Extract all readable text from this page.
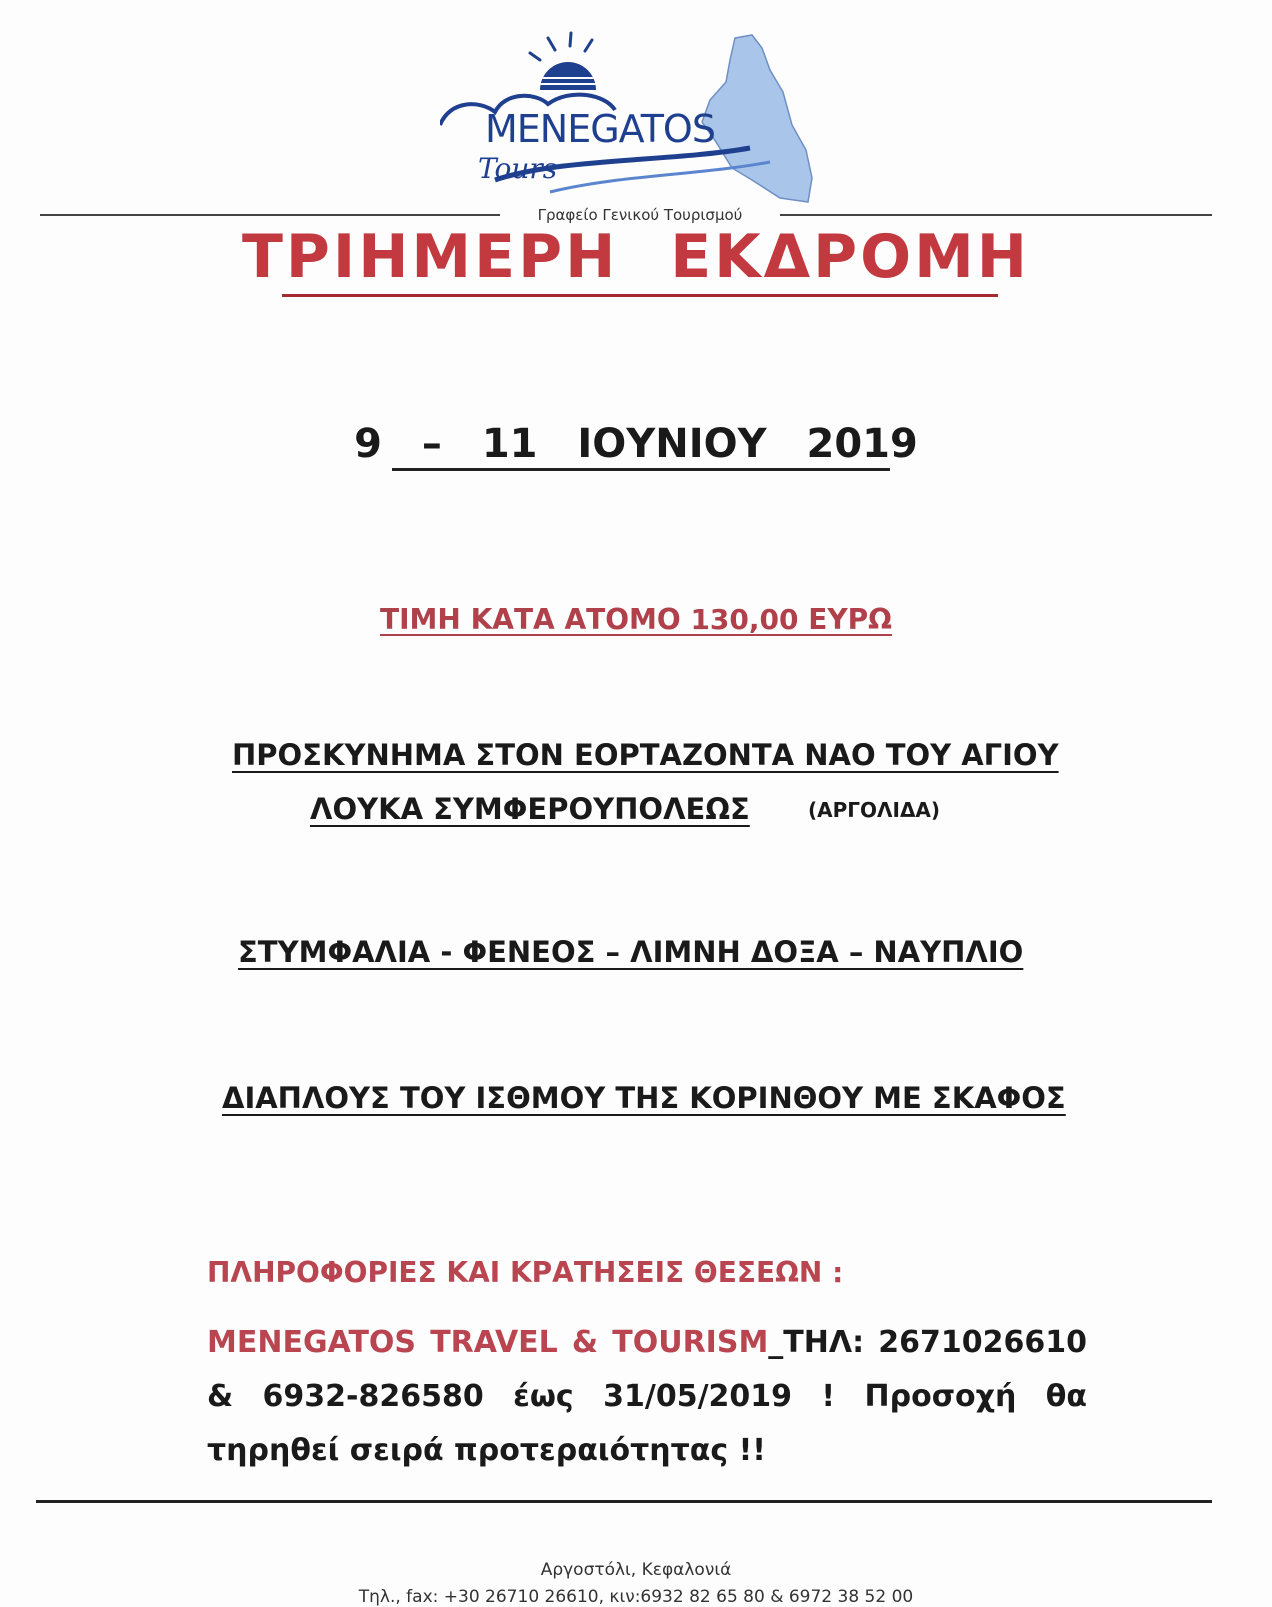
MENEGATOS
Tours
Γραφείο Γενικού Τουρισμού
ΤΡΙΗΜΕΡΗ ΕΚΔΡΟΜΗ
9 – 11 ΙΟΥΝΙΟΥ 2019
ΤΙΜΗ ΚΑΤΑ ΑΤΟΜΟ 130,00 ΕΥΡΩ
ΠΡΟΣΚΥΝΗΜΑ ΣΤΟΝ ΕΟΡΤΑΖΟΝΤΑ ΝΑΟ ΤΟΥ ΑΓΙΟΥ
ΛΟΥΚΑ ΣΥΜΦΕΡΟΥΠΟΛΕΩΣ	(ΑΡΓΟΛΙΔΑ)
ΣΤΥΜΦΑΛΙΑ - ΦΕΝΕΟΣ – ΛΙΜΝΗ ΔΟΞΑ – ΝΑΥΠΛΙΟ
ΔΙΑΠΛΟΥΣ ΤΟΥ ΙΣΘΜΟΥ ΤΗΣ ΚΟΡΙΝΘΟΥ ΜΕ ΣΚΑΦΟΣ
ΠΛΗΡΟΦΟΡΙΕΣ ΚΑΙ ΚΡΑΤΗΣΕΙΣ ΘΕΣΕΩΝ :
MENEGATOS TRAVEL & TOURISM_ΤΗΛ: 2671026610 & 6932-826580 έως 31/05/2019 ! Προσοχή θα τηρηθεί σειρά προτεραιότητας !!
Αργοστόλι, Κεφαλονιά
Τηλ., fax: +30 26710 26610, κιν:6932 82 65 80 & 6972 38 52 00
